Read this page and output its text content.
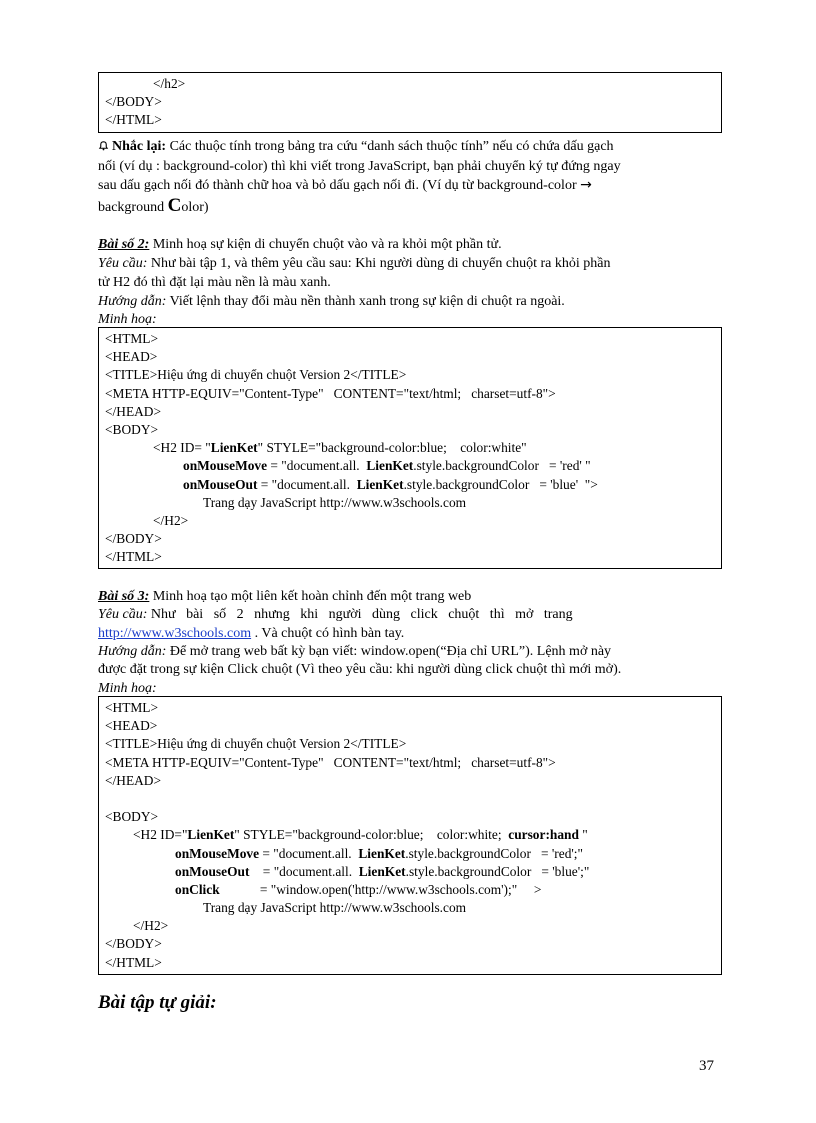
</h2>
</BODY>
</HTML>
Nhắc lại: Các thuộc tính trong bảng tra cứu “danh sách thuộc tính” nếu có chứa dấu gạch
nối (ví dụ : background-color) thì khi viết trong JavaScript, bạn phải chuyển ký tự đứng ngay
sau dấu gạch nối đó thành chữ hoa và bỏ dấu gạch nối đi. (Ví dụ từ background-color →
background Color)
Bài số 2: Minh hoạ sự kiện di chuyển chuột vào và ra khỏi một phần tử.
Yêu cầu: Như bài tập 1, và thêm yêu cầu sau: Khi người dùng di chuyển chuột ra khỏi phần
tử H2 đó thì đặt lại màu nền là màu xanh.
Hướng dẫn: Viết lệnh thay đổi màu nền thành xanh trong sự kiện di chuột ra ngoài.
Minh hoạ:
<HTML>
<HEAD>
<TITLE>Hiệu ứng di chuyển chuột Version 2</TITLE>
<META HTTP-EQUIV="Content-Type"   CONTENT="text/html;   charset=utf-8">
</HEAD>
<BODY>
<H2 ID= "LienKet" STYLE="background-color:blue;    color:white"
onMouseMove = "document.all.  LienKet.style.backgroundColor   = 'red' "
onMouseOut = "document.all.  LienKet.style.backgroundColor   = 'blue'  ">
Trang dạy JavaScript http://www.w3schools.com
</H2>
</BODY>
</HTML>
Bài số 3: Minh hoạ tạo một liên kết hoàn chỉnh đến một trang web
Yêu cầu: Như   bài   số   2   nhưng   khi   người   dùng   click   chuột   thì   mở   trang
http://www.w3schools.com . Và chuột có hình bàn tay.
Hướng dẫn: Để mở trang web bất kỳ bạn viết: window.open(“Địa chỉ URL”). Lệnh mở này
được đặt trong sự kiện Click chuột (Vì theo yêu cầu: khi người dùng click chuột thì mới mở).
Minh hoạ:
<HTML>
<HEAD>
<TITLE>Hiệu ứng di chuyển chuột Version 2</TITLE>
<META HTTP-EQUIV="Content-Type"   CONTENT="text/html;   charset=utf-8">
</HEAD>
<BODY>
<H2 ID="LienKet" STYLE="background-color:blue;    color:white;  cursor:hand "
onMouseMove = "document.all.  LienKet.style.backgroundColor   = 'red';"
onMouseOut    = "document.all.  LienKet.style.backgroundColor   = 'blue';"
onClick            = "window.open('http://www.w3schools.com');"     >
Trang dạy JavaScript http://www.w3schools.com
</H2>
</BODY>
</HTML>
Bài tập tự giải:
37
